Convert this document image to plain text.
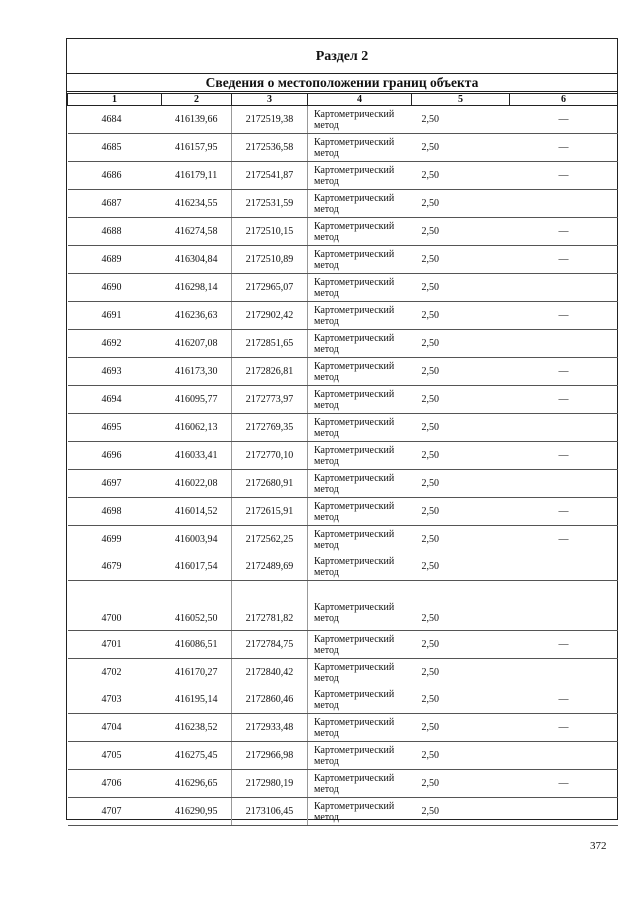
Раздел 2
Сведения о местоположении границ объекта
1	2	3	4	5	6
4684	416139,66	2172519,38	Картометрический
метод	2,50	—
4685	416157,95	2172536,58	Картометрический
метод	2,50	—
4686	416179,11	2172541,87	Картометрический
метод	2,50	—
4687	416234,55	2172531,59	Картометрический
метод	2,50	
4688	416274,58	2172510,15	Картометрический
метод	2,50	—
4689	416304,84	2172510,89	Картометрический
метод	2,50	—
4690	416298,14	2172965,07	Картометрический
метод	2,50	
4691	416236,63	2172902,42	Картометрический
метод	2,50	—
4692	416207,08	2172851,65	Картометрический
метод	2,50	
4693	416173,30	2172826,81	Картометрический
метод	2,50	—
4694	416095,77	2172773,97	Картометрический
метод	2,50	—
4695	416062,13	2172769,35	Картометрический
метод	2,50	
4696	416033,41	2172770,10	Картометрический
метод	2,50	—
4697	416022,08	2172680,91	Картометрический
метод	2,50	
4698	416014,52	2172615,91	Картометрический
метод	2,50	—
4699	416003,94	2172562,25	Картометрический
метод	2,50	—
4679	416017,54	2172489,69	Картометрический
метод	2,50	
4700	416052,50	2172781,82	Картометрический
метод	2,50	
4701	416086,51	2172784,75	Картометрический
метод	2,50	—
4702	416170,27	2172840,42	Картометрический
метод	2,50	
4703	416195,14	2172860,46	Картометрический
метод	2,50	—
4704	416238,52	2172933,48	Картометрический
метод	2,50	—
4705	416275,45	2172966,98	Картометрический
метод	2,50	
4706	416296,65	2172980,19	Картометрический
метод	2,50	—
4707	416290,95	2173106,45	Картометрический
метод	2,50	
372
